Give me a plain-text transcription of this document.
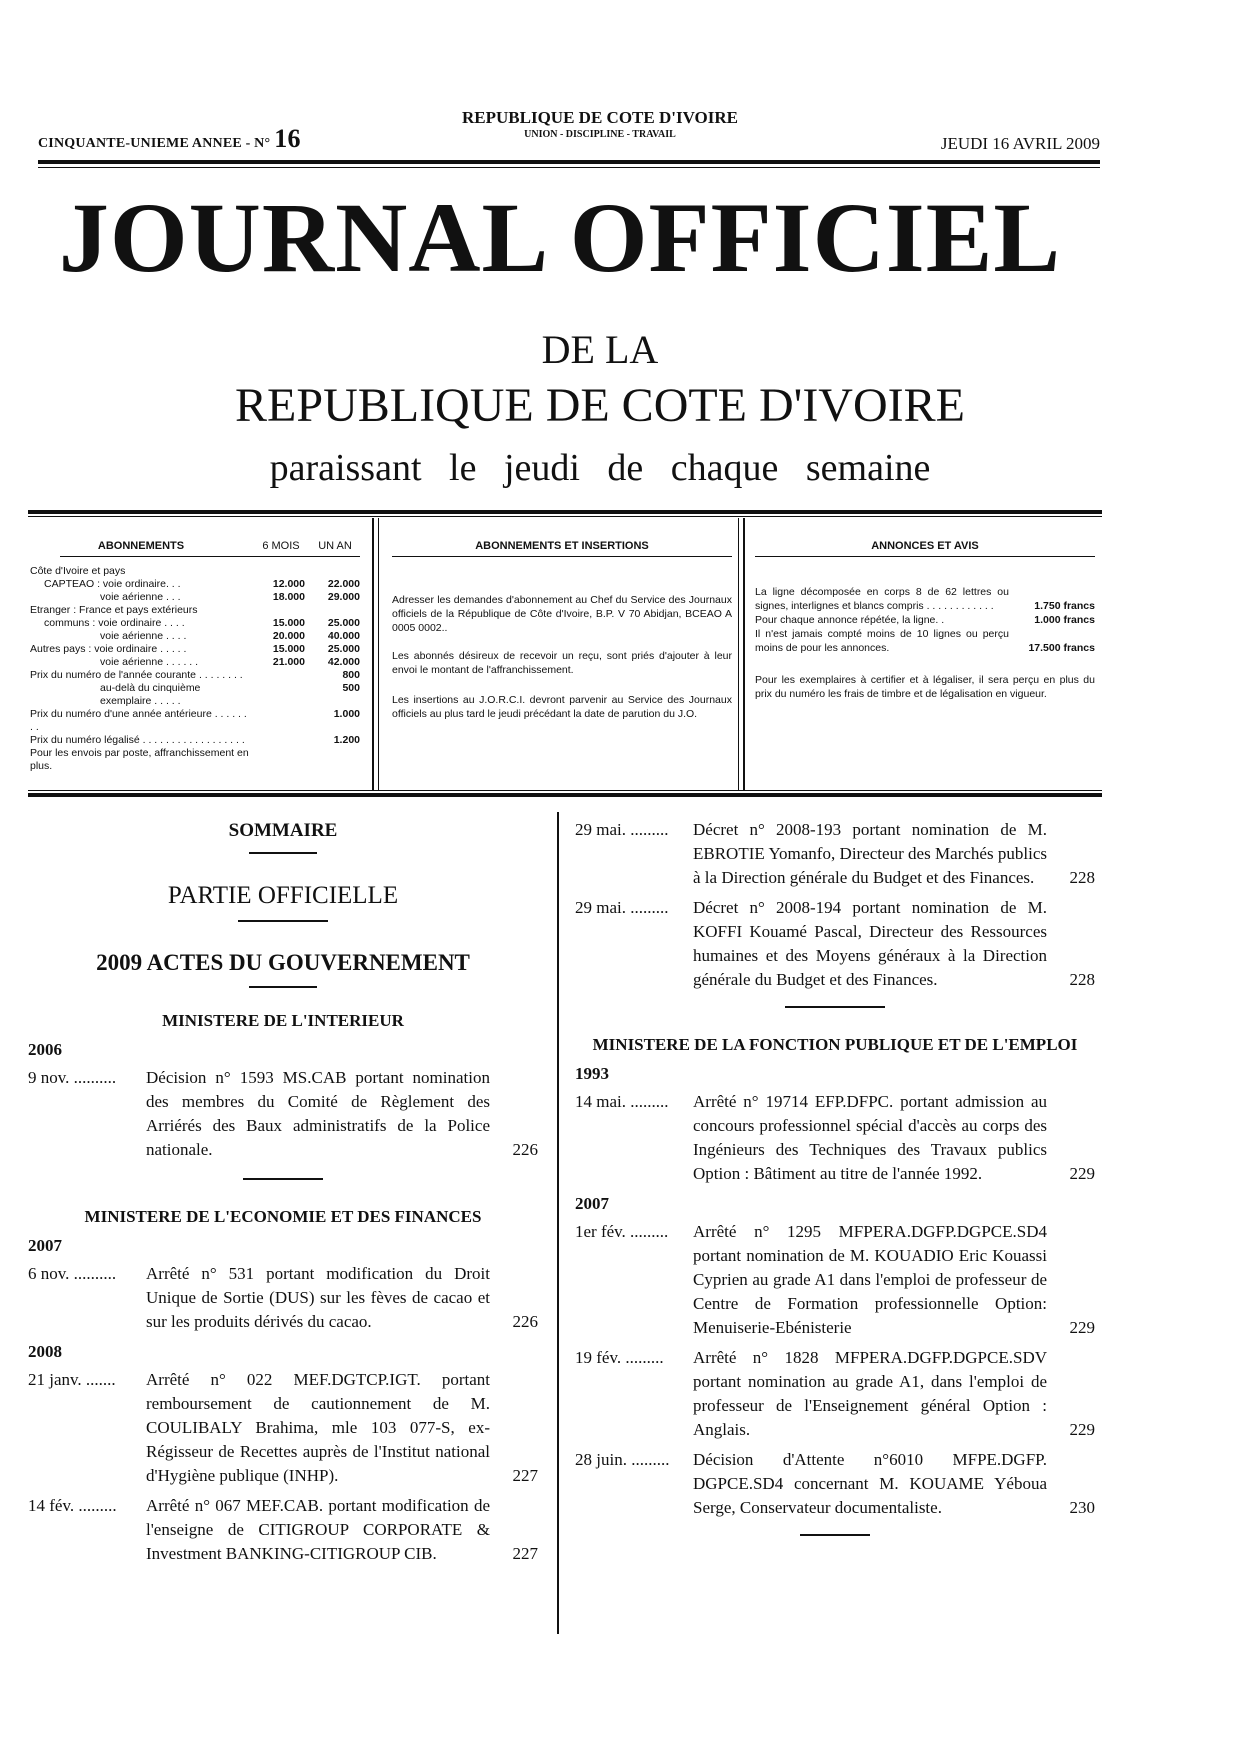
CINQUANTE-UNIEME ANNEE - N° 16
REPUBLIQUE DE COTE D'IVOIRE
UNION - DISCIPLINE - TRAVAIL	JEUDI 16 AVRIL 2009
JOURNAL OFFICIEL
DE LA
REPUBLIQUE DE COTE D'IVOIRE
paraissant le jeudi de chaque semaine
ABONNEMENTS	6 MOIS	UN AN
Côte d'Ivoire et pays		
CAPTEAO : voie ordinaire. . .	12.000	22.000
voie aérienne . . .	18.000	29.000
Etranger : France et pays extérieurs		
communs : voie ordinaire . . . .	15.000	25.000
voie aérienne . . . .	20.000	40.000
Autres pays : voie ordinaire . . . . .	15.000	25.000
voie aérienne . . . . . .	21.000	42.000
Prix du numéro de l'année courante . . . . . . . .		800
au-delà du cinquième exemplaire . . . . .		500
Prix du numéro d'une année antérieure . . . . . . . .		1.000
Prix du numéro légalisé . . . . . . . . . . . . . . . . . .		1.200
Pour les envois par poste, affranchissement en plus.		
ABONNEMENTS ET INSERTIONS
Adresser les demandes d'abonnement au Chef du Service des Journaux officiels de la République de Côte d'Ivoire, B.P. V 70 Abidjan, BCEAO A 0005 0002..
Les abonnés désireux de recevoir un reçu, sont priés d'ajouter à leur envoi le montant de l'affranchissement.
Les insertions au J.O.R.C.I. devront parvenir au Service des Journaux officiels au plus tard le jeudi précédant la date de parution du J.O.
ANNONCES ET AVIS
La ligne décomposée en corps 8 de 62 lettres ou signes, interlignes et blancs compris . . . . . . . . . . . .	1.750 francs
Pour chaque annonce répétée, la ligne. .	1.000 francs
Il n'est jamais compté moins de 10 lignes ou perçu moins de pour les annonces.	17.500 francs
Pour les exemplaires à certifier et à légaliser, il sera perçu en plus du prix du numéro les frais de timbre et de légalisation en vigueur.
SOMMAIRE
PARTIE OFFICIELLE
2009 ACTES DU GOUVERNEMENT
MINISTERE DE L'INTERIEUR
2006
9 nov. ..........	Décision n° 1593 MS.CAB portant nomination des membres du Comité de Règlement des Arriérés des Baux administratifs de la Police nationale.	226
MINISTERE DE L'ECONOMIE ET DES FINANCES
2007
6 nov. ..........	Arrêté n° 531 portant modification du Droit Unique de Sortie (DUS) sur les fèves de cacao et sur les produits dérivés du cacao.	226
2008
21 janv. .......	Arrêté n° 022 MEF.DGTCP.IGT. portant remboursement de cautionnement de M. COULIBALY Brahima, mle 103 077-S, ex-Régisseur de Recettes auprès de l'Institut national d'Hygiène publique (INHP).	227
14 fév. .........	Arrêté n° 067 MEF.CAB. portant modification de l'enseigne de CITIGROUP CORPORATE & Investment BANKING-CITIGROUP CIB.	227
29 mai. .........	Décret n° 2008-193 portant nomination de M. EBROTIE Yomanfo, Directeur des Marchés publics à la Direction générale du Budget et des Finances.	228
29 mai. .........	Décret n° 2008-194 portant nomination de M. KOFFI Kouamé Pascal, Directeur des Ressources humaines et des Moyens généraux à la Direction générale du Budget et des Finances.	228
MINISTERE DE LA FONCTION PUBLIQUE ET DE L'EMPLOI
1993
14 mai. .........	Arrêté n° 19714 EFP.DFPC. portant admission au concours professionnel spécial d'accès au corps des Ingénieurs des Techniques des Travaux publics Option : Bâtiment au titre de l'année 1992.	229
2007
1er fév. .........	Arrêté n° 1295 MFPERA.DGFP.DGPCE.SD4 portant nomination de M. KOUADIO Eric Kouassi Cyprien au grade A1 dans l'emploi de professeur de Centre de Formation professionnelle Option: Menuiserie-Ebénisterie	229
19 fév. .........	Arrêté n° 1828 MFPERA.DGFP.DGPCE.SDV portant nomination au grade A1, dans l'emploi de professeur de l'Enseignement général Option : Anglais.	229
28 juin. .........	Décision d'Attente n°6010 MFPE.DGFP. DGPCE.SD4 concernant M. KOUAME Yéboua Serge, Conservateur documentaliste.	230
